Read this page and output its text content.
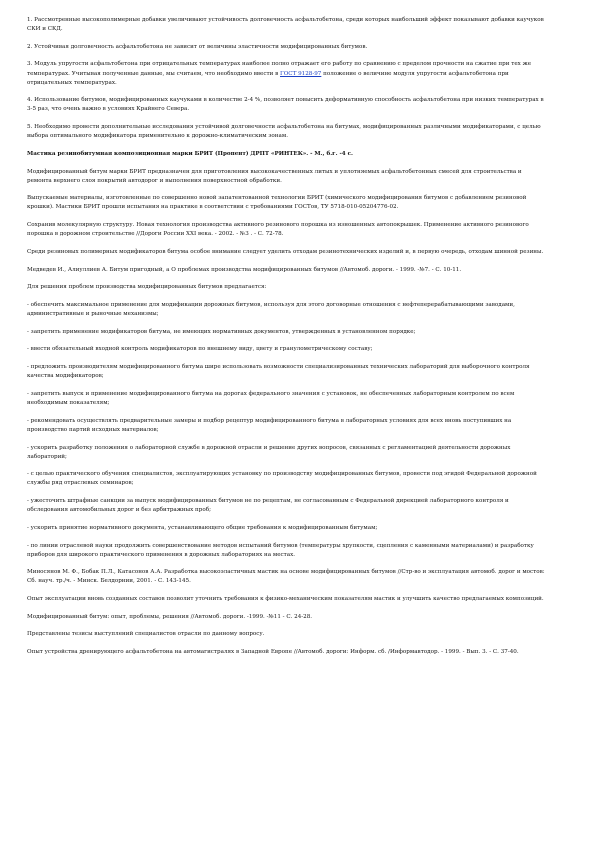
1. Рассмотренные высокополимерные добавки увеличивают устойчивость долговечность асфальтобетона, среди которых наибольший эффект показывают добавки каучуков СКИ и СКД.

2. Устойчивая долговечность асфальтобетона не зависит от величины эластичности модифицированных битумов.

3. Модуль упругости асфальтобетона при отрицательных температурах наиболее полно отражает его работу по сравнению с пределом прочности на сжатие при тех же температурах. Учитывая полученные данные, мы считаем, что необходимо ввести в ГОСТ 9128-97 положение о величине модуля упругости асфальтобетона при отрицательных температурах.

4. Использование битумов, модифицированных каучуками в количестве 2-4 %, позволяет повысить деформативную способность асфальтобетона при низких температурах в 3-5 раз, что очень важно в условиях Крайнего Севера.

5. Необходимо провести дополнительные исследования устойчивой долговечности асфальтобетона на битумах, модифицированных различными модификаторами, с целью выбора оптимального модификатора применительно к дорожно-климатическим зонам.

Мастика резинобитумная композиционная марки БРИТ (Пропент) ДРПТ «РИНТЕК». - М., б.г. -4 с.

Модифицированный битум марки БРИТ предназначен для приготовления высококачественных литых и уплотняемых асфальтобетонных смесей для строительства и ремонта верхнего слоя покрытий автодорог и выполнения поверхностной обработки.

Выпускаемые материалы, изготовленные по совершенно новой запатентованной технологии БРИТ (химического модифицирования битумов с добавлением резиновой крошки). Мастики БРИТ прошли испытания на практике в соответствии с требованиями ГОСТов, ТУ 5718-010-05204776-02.

Сохранив молекулярную структуру. Новая технология производства активного резинового порошка из изношенных автопокрышек. Применение активного резинового порошка в дорожном строительстве //Дороги России XXI века. - 2002. - №3 . - С. 72-78.

Среди резиновых полимерных модификаторов битума особое внимание следует уделить отходам резинотехнических изделий и, в первую очередь, отходам шинной резины.

Медведев И., Алиуллиев А. Битум пригодный, а О проблемах производства модифицированных битумов //Автомоб. дороги. - 1999. -№7. - С. 10-11.

Для решения проблем производства модифицированных битумов предлагается:

- обеспечить максимальное применение для модификации дорожных битумов, используя для этого договорные отношения с нефтеперерабатывающими заводами, административные и рыночные механизмы;

- запретить применение модификаторов битума, не имеющих нормативных документов, утвержденных в установленном порядке;

- ввести обязательный входной контроль модификаторов по внешнему виду, цвету и гранулометрическому составу;

- предложить производителям модифицированного битума шире использовать возможности специализированных технических лабораторий для выборочного контроля качества модификаторов;

- запретить выпуск и применение модифицированного битума на дорогах федерального значения с установок, не обеспеченных лабораторным контролем по всем необходимым показателям;

- рекомендовать осуществлять предварительные замеры и подбор рецептур модифицированного битума в лабораторных условиях для всех вновь поступивших на производство партий исходных материалов;

- ускорить разработку положения о лабораторной службе в дорожной отрасли и решение других вопросов, связанных с регламентацией деятельности дорожных лабораторий;

- с целью практического обучения специалистов, эксплуатирующих установку по производству модифицированных битумов, провести под эгидой Федеральной дорожной службы ряд отраслевых семинаров;

- ужесточить штрафные санкции за выпуск модифицированных битумов не по рецептам, не согласованным с Федеральной дирекцией лабораторного контроля и обследования автомобильных дорог и без арбитражных проб;

- ускорить принятие нормативного документа, устанавливающего общие требования к модифицированным битумам;

- по линии отраслевой науки продолжить совершенствование методов испытаний битумов (температуры хрупкости, сцепления с каменными материалами) и разработку приборов для широкого практического применения в дорожных лабораториях на местах.

Миносянов М. Ф., Бобак П.Л., Катасонов А.А. Разработка высокоэластичных мастик на основе модифицированных битумов //Стр-во и эксплуатация автомоб. дорог и мостов: Сб. науч. тр./ч. - Минск. Белдорнии, 2001. - С. 143-145.

Опыт эксплуатации вновь созданных составов позволит уточнить требования к физико-механическим показателям мастик и улучшить качество предлагаемых композиций.

Модифицированный битум: опыт, проблемы, решения //Автомоб. дороги. -1999. -№11 - С. 24-28.

Представлены тезисы выступлений специалистов отрасли по данному вопросу.

Опыт устройства дренирующего асфальтобетона на автомагистралях в Западной Европе //Автомоб. дороги: Информ. сб. /Информавтодор. - 1999. - Вып. 3. - С. 37-40.
